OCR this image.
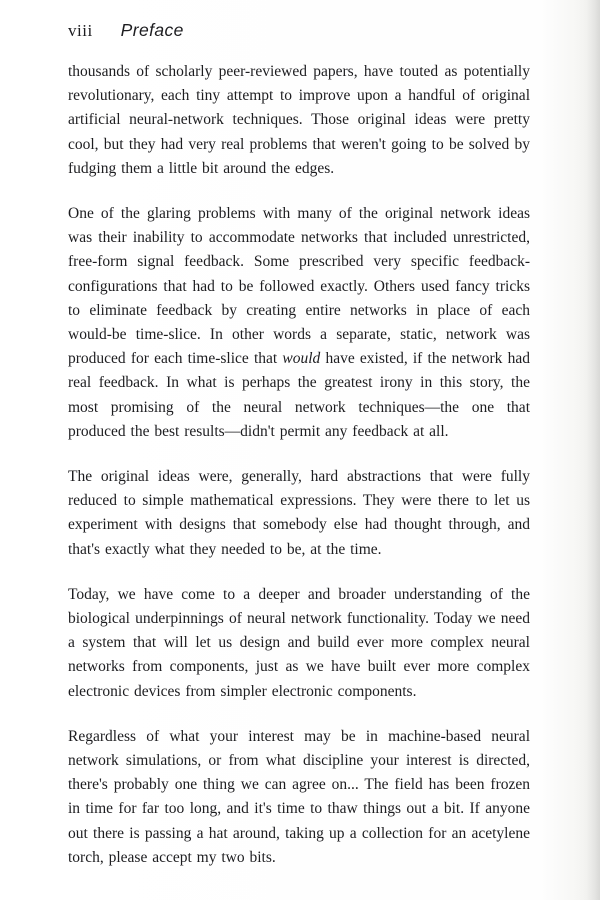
viii Preface

thousands of scholarly peer-reviewed papers, have touted as potentially revolutionary, each tiny attempt to improve upon a handful of original artificial neural-network techniques. Those original ideas were pretty cool, but they had very real problems that weren't going to be solved by fudging them a little bit around the edges.

One of the glaring problems with many of the original network ideas was their inability to accommodate networks that included unrestricted, free-form signal feedback. Some prescribed very specific feedback-configurations that had to be followed exactly. Others used fancy tricks to eliminate feedback by creating entire networks in place of each would-be time-slice. In other words a separate, static, network was produced for each time-slice that would have existed, if the network had real feedback. In what is perhaps the greatest irony in this story, the most promising of the neural network techniques—the one that produced the best results—didn't permit any feedback at all.

The original ideas were, generally, hard abstractions that were fully reduced to simple mathematical expressions. They were there to let us experiment with designs that somebody else had thought through, and that's exactly what they needed to be, at the time.

Today, we have come to a deeper and broader understanding of the biological underpinnings of neural network functionality. Today we need a system that will let us design and build ever more complex neural networks from components, just as we have built ever more complex electronic devices from simpler electronic components.

Regardless of what your interest may be in machine-based neural network simulations, or from what discipline your interest is directed, there's probably one thing we can agree on... The field has been frozen in time for far too long, and it's time to thaw things out a bit. If anyone out there is passing a hat around, taking up a collection for an acetylene torch, please accept my two bits.
